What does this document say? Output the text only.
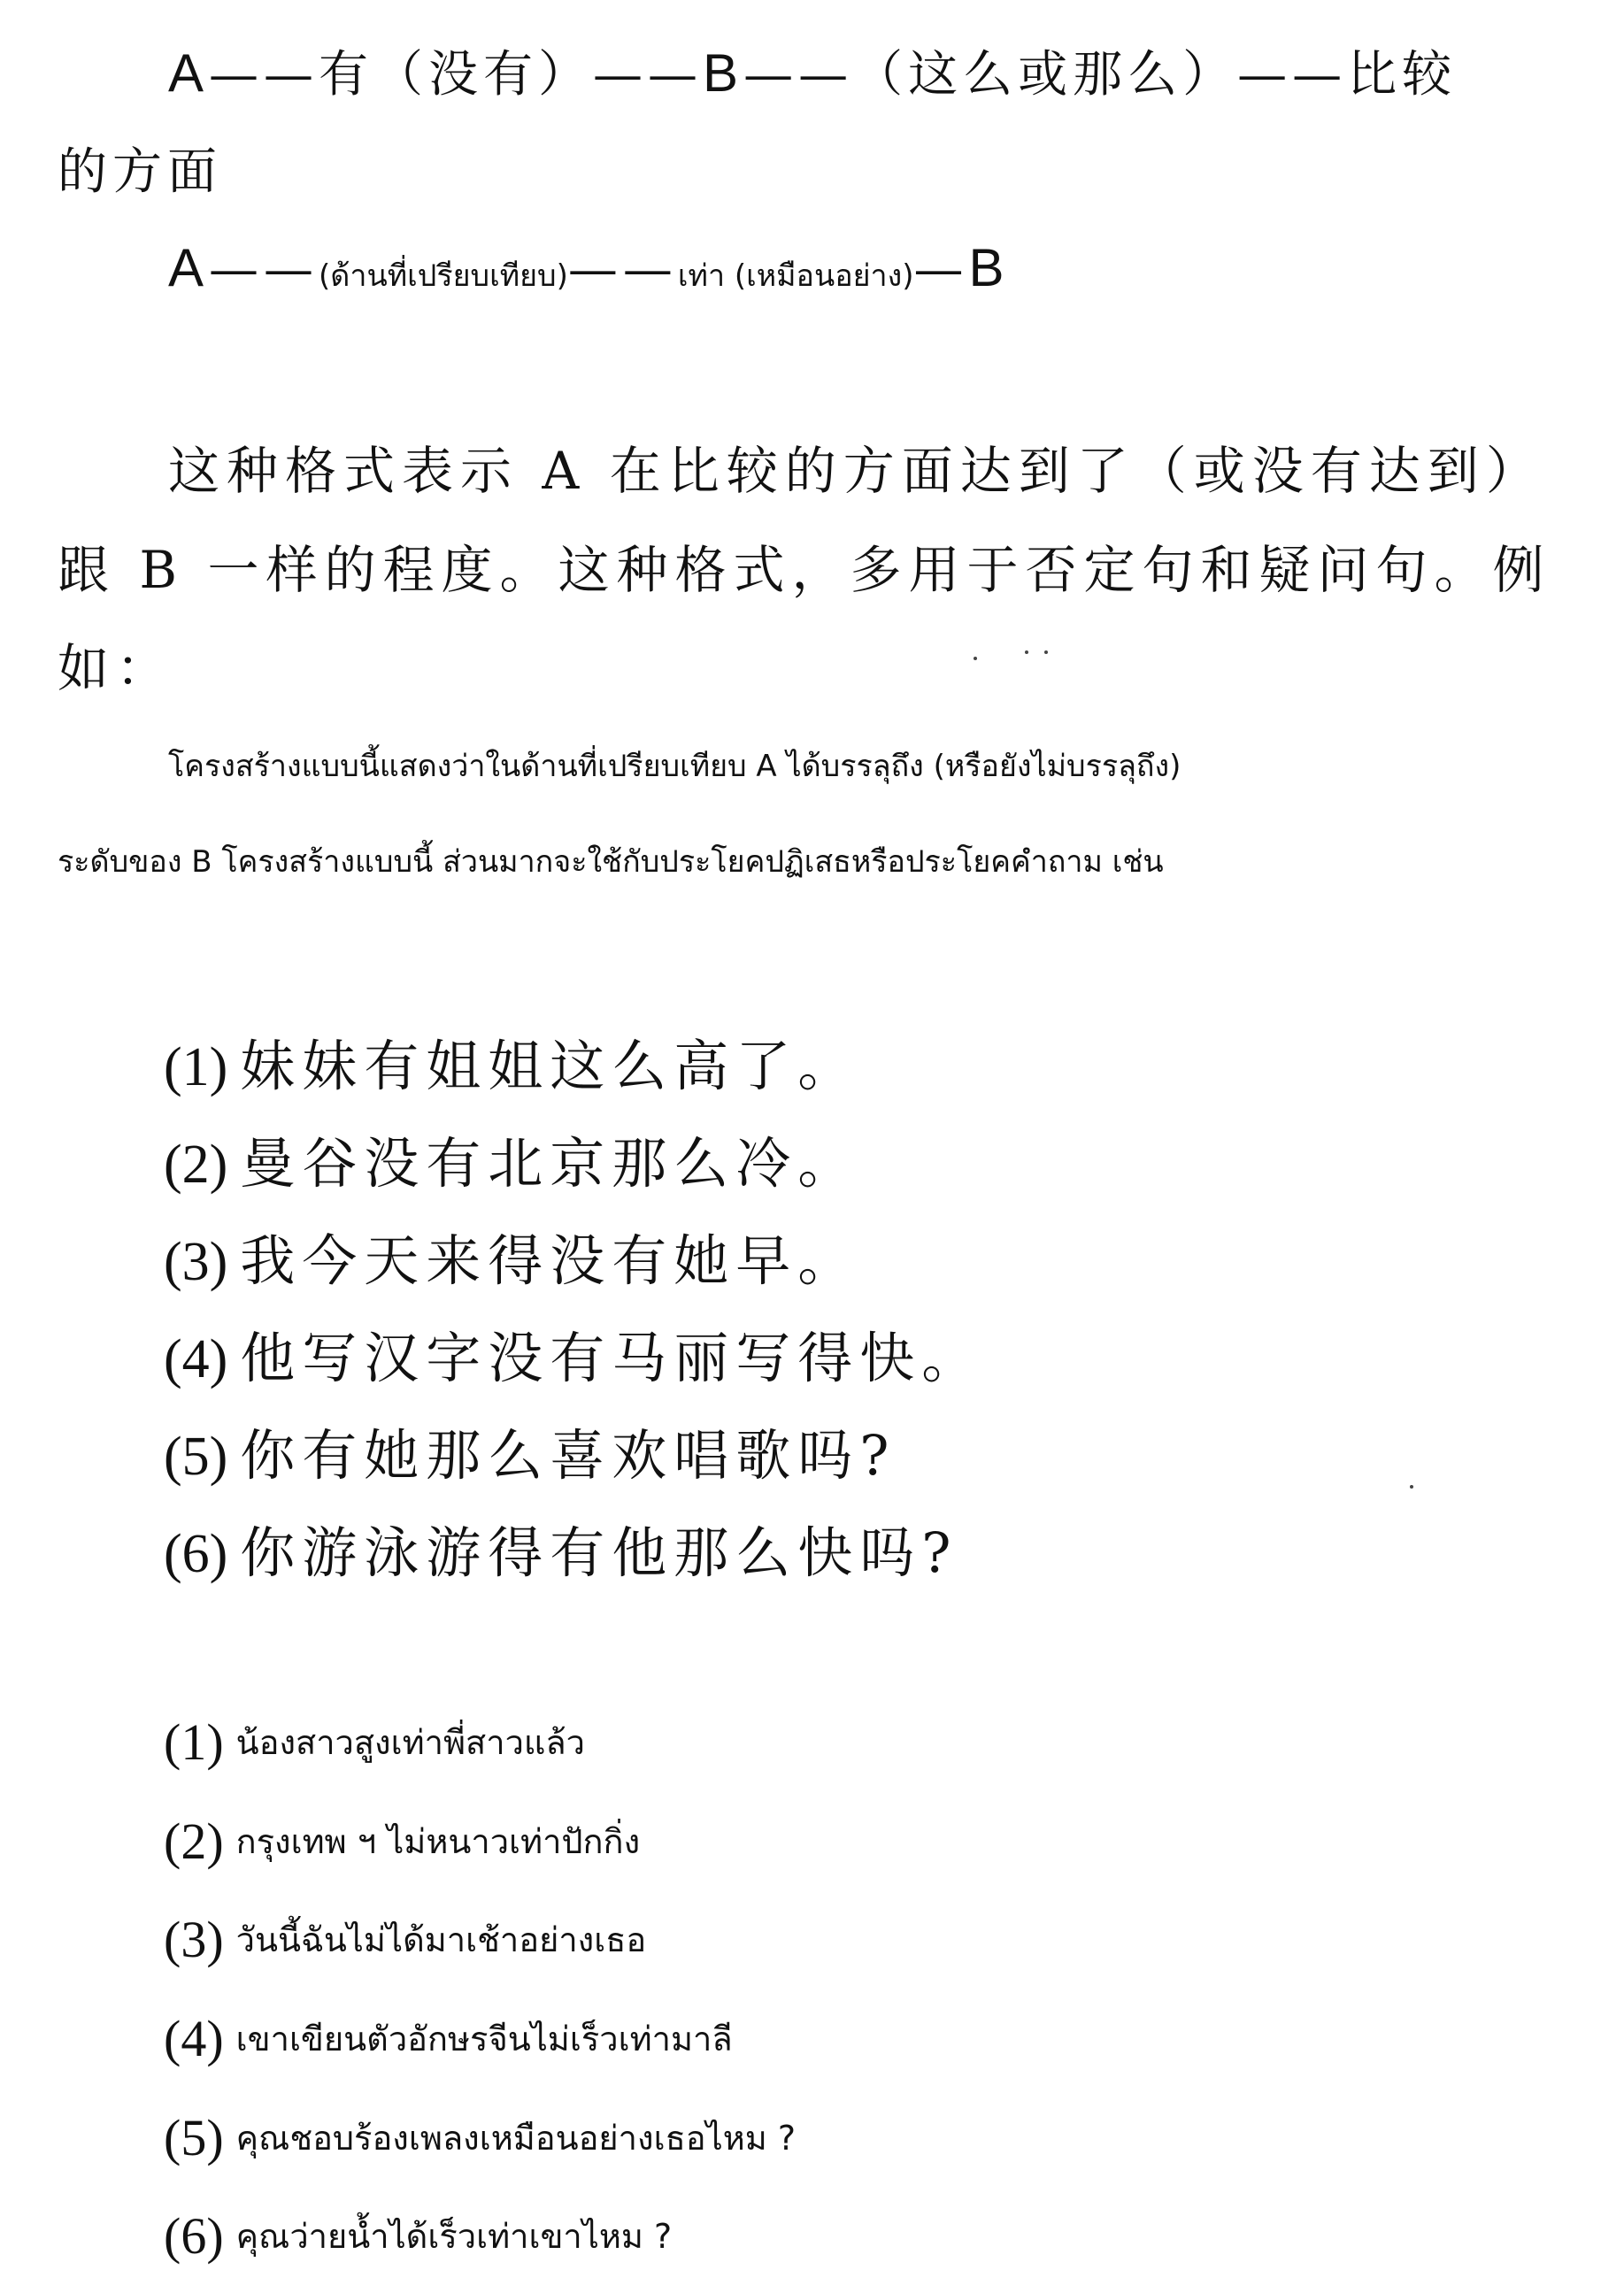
A——有（没有）——B——（这么或那么）——比较
的方面
A——(ด้านที่เปรียบเทียบ)——เท่า (เหมือนอย่าง)—B
这种格式表示 A 在比较的方面达到了（或没有达到）
跟 B 一样的程度。这种格式，多用于否定句和疑问句。例
如：
โครงสร้างแบบนี้แสดงว่าในด้านที่เปรียบเทียบ A ได้บรรลุถึง (หรือยังไม่บรรลุถึง)
ระดับของ B โครงสร้างแบบนี้ ส่วนมากจะใช้กับประโยคปฏิเสธหรือประโยคคำถาม เช่น
(1) 妹妹有姐姐这么高了。
(2) 曼谷没有北京那么冷。
(3) 我今天来得没有她早。
(4) 他写汉字没有马丽写得快。
(5) 你有她那么喜欢唱歌吗?
(6) 你游泳游得有他那么快吗?
(1) น้องสาวสูงเท่าพี่สาวแล้ว
(2) กรุงเทพ ฯ ไม่หนาวเท่าปักกิ่ง
(3) วันนี้ฉันไม่ได้มาเช้าอย่างเธอ
(4) เขาเขียนตัวอักษรจีนไม่เร็วเท่ามาลี
(5) คุณชอบร้องเพลงเหมือนอย่างเธอไหม ?
(6) คุณว่ายน้ำได้เร็วเท่าเขาไหม ?
